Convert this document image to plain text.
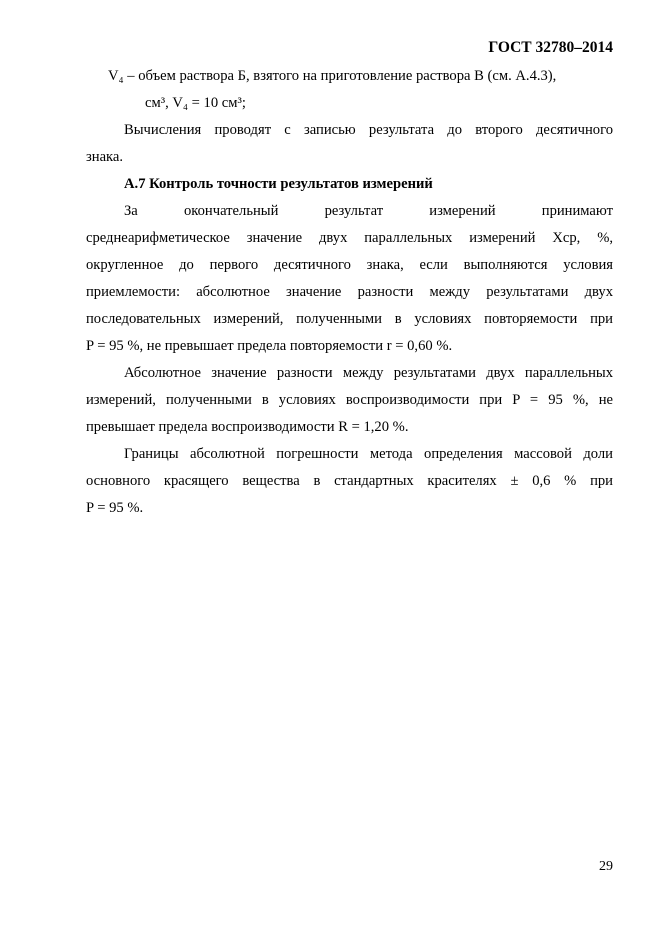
ГОСТ 32780–2014

V₄ – объем раствора Б, взятого на приготовление раствора В (см. А.4.3),

см³, V₄ = 10 см³;

Вычисления проводят с записью результата до второго десятичного

знака.

А.7 Контроль точности результатов измерений

За окончательный результат измерений принимают

среднеарифметическое значение двух параллельных измерений Xср, %,

округленное до первого десятичного знака, если выполняются условия

приемлемости: абсолютное значение разности между результатами двух

последовательных измерений, полученными в условиях повторяемости при

P = 95 %, не превышает предела повторяемости r = 0,60 %.

Абсолютное значение разности между результатами двух параллельных

измерений, полученными в условиях воспроизводимости при P = 95 %, не

превышает предела воспроизводимости R = 1,20 %.

Границы абсолютной погрешности метода определения массовой доли

основного красящего вещества в стандартных красителях ± 0,6 % при

P = 95 %.

29
